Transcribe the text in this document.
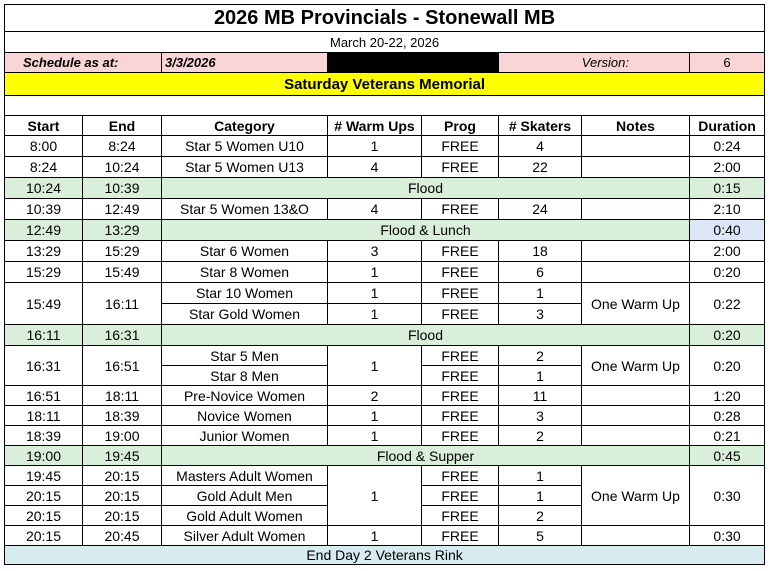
2026 MB Provincials - Stonewall MB							
March 20-22, 2026							
Schedule as at:		3/3/2026			Version:		6
Saturday Veterans Memorial							

Start	End	Category	# Warm Ups	Prog	# Skaters	Notes	Duration
8:00	8:24	Star 5 Women U10	1	FREE	4		0:24
8:24	10:24	Star 5 Women U13	4	FREE	22		2:00
10:24	10:39	Flood					0:15
10:39	12:49	Star 5 Women 13&O	4	FREE	24		2:10
12:49	13:29	Flood & Lunch					0:40
13:29	15:29	Star 6 Women	3	FREE	18		2:00
15:29	15:49	Star 8 Women	1	FREE	6		0:20
15:49	16:11	Star 10 Women	1	FREE	1	One Warm Up	0:22
		Star Gold Women	1	FREE	3		
16:11	16:31	Flood					0:20
16:31	16:51	Star 5 Men	1	FREE	2	One Warm Up	0:20
		Star 8 Men		FREE	1		
16:51	18:11	Pre-Novice Women	2	FREE	11		1:20
18:11	18:39	Novice Women	1	FREE	3		0:28
18:39	19:00	Junior Women	1	FREE	2		0:21
19:00	19:45	Flood & Supper					0:45
19:45	20:15	Masters Adult Women	1	FREE	1	One Warm Up	0:30
20:15	20:15	Gold Adult Men		FREE	1		
20:15	20:15	Gold Adult Women		FREE	2		
20:15	20:45	Silver Adult Women	1	FREE	5		0:30
End Day 2 Veterans Rink							
